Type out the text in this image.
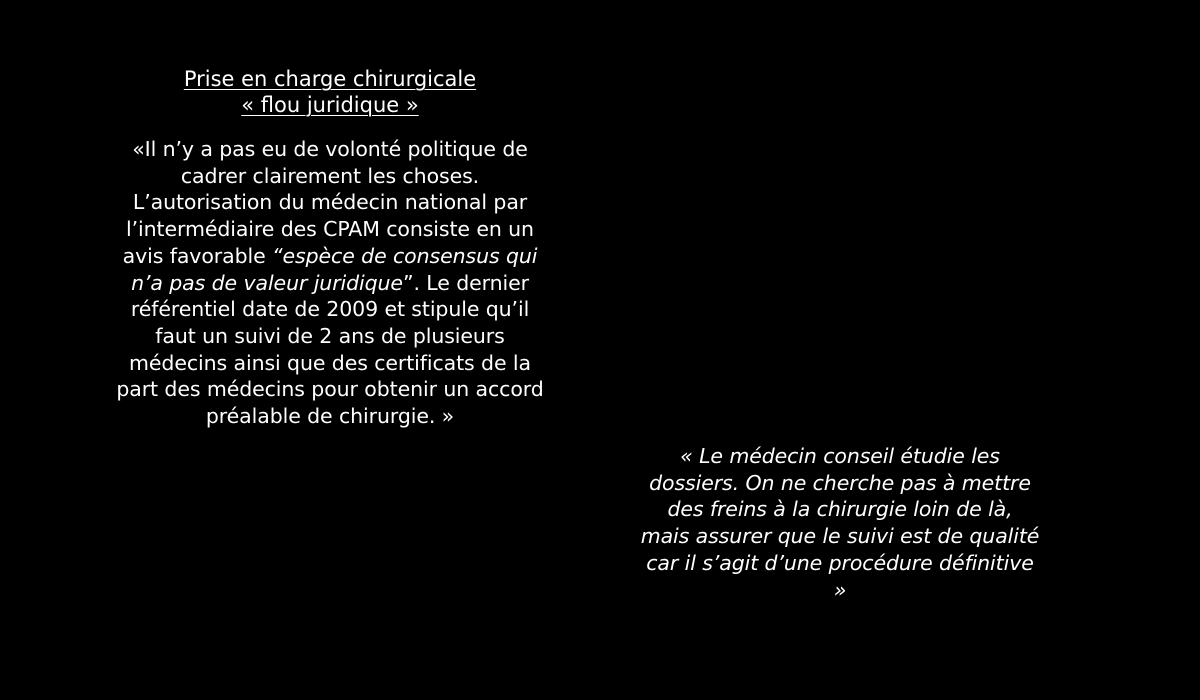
Prise en charge chirurgicale
« flou juridique »
«Il n’y a pas eu de volonté politique de cadrer clairement les choses. L’autorisation du médecin national par l’intermédiaire des CPAM consiste en un avis favorable “espèce de consensus qui n’a pas de valeur juridique”. Le dernier référentiel date de 2009 et stipule qu’il faut un suivi de 2 ans de plusieurs médecins ainsi que des certificats de la part des médecins pour obtenir un accord préalable de chirurgie. »
« Le médecin conseil étudie les dossiers. On ne cherche pas à mettre des freins à la chirurgie loin de là, mais assurer que le suivi est de qualité car il s’agit d’une procédure définitive »
